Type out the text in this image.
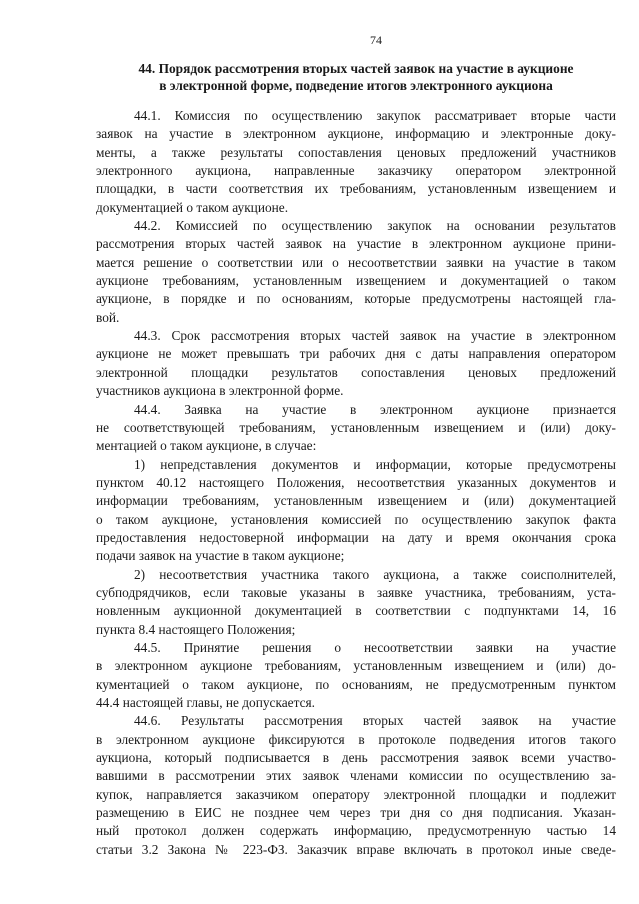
74
44. Порядок рассмотрения вторых частей заявок на участие в аукционе
в электронной форме, подведение итогов электронного аукциона

44.1. Комиссия по осуществлению закупок рассматривает вторые части
заявок на участие в электронном аукционе, информацию и электронные доку-
менты, а также результаты сопоставления ценовых предложений участников
электронного аукциона, направленные заказчику оператором электронной
площадки, в части соответствия их требованиям, установленным извещением и
документацией о таком аукционе.

44.2. Комиссией по осуществлению закупок на основании результатов
рассмотрения вторых частей заявок на участие в электронном аукционе прини-
мается решение о соответствии или о несоответствии заявки на участие в таком
аукционе требованиям, установленным извещением и документацией о таком
аукционе, в порядке и по основаниям, которые предусмотрены настоящей гла-
вой.

44.3. Срок рассмотрения вторых частей заявок на участие в электронном
аукционе не может превышать три рабочих дня с даты направления оператором
электронной площадки результатов сопоставления ценовых предложений
участников аукциона в электронной форме.

44.4. Заявка на участие в электронном аукционе признается
не соответствующей требованиям, установленным извещением и (или) доку-
ментацией о таком аукционе, в случае:

1) непредставления документов и информации, которые предусмотрены
пунктом 40.12 настоящего Положения, несоответствия указанных документов и
информации требованиям, установленным извещением и (или) документацией
о таком аукционе, установления комиссией по осуществлению закупок факта
предоставления недостоверной информации на дату и время окончания срока
подачи заявок на участие в таком аукционе;

2) несоответствия участника такого аукциона, а также соисполнителей,
субподрядчиков, если таковые указаны в заявке участника, требованиям, уста-
новленным аукционной документацией в соответствии с подпунктами 14, 16
пункта 8.4 настоящего Положения;

44.5. Принятие решения о несоответствии заявки на участие
в электронном аукционе требованиям, установленным извещением и (или) до-
кументацией о таком аукционе, по основаниям, не предусмотренным пунктом
44.4 настоящей главы, не допускается.

44.6. Результаты рассмотрения вторых частей заявок на участие
в электронном аукционе фиксируются в протоколе подведения итогов такого
аукциона, который подписывается в день рассмотрения заявок всеми участво-
вавшими в рассмотрении этих заявок членами комиссии по осуществлению за-
купок, направляется заказчиком оператору электронной площадки и подлежит
размещению в ЕИС не позднее чем через три дня со дня подписания. Указан-
ный протокол должен содержать информацию, предусмотренную частью 14
статьи 3.2 Закона № 223-ФЗ. Заказчик вправе включать в протокол иные сведе-
